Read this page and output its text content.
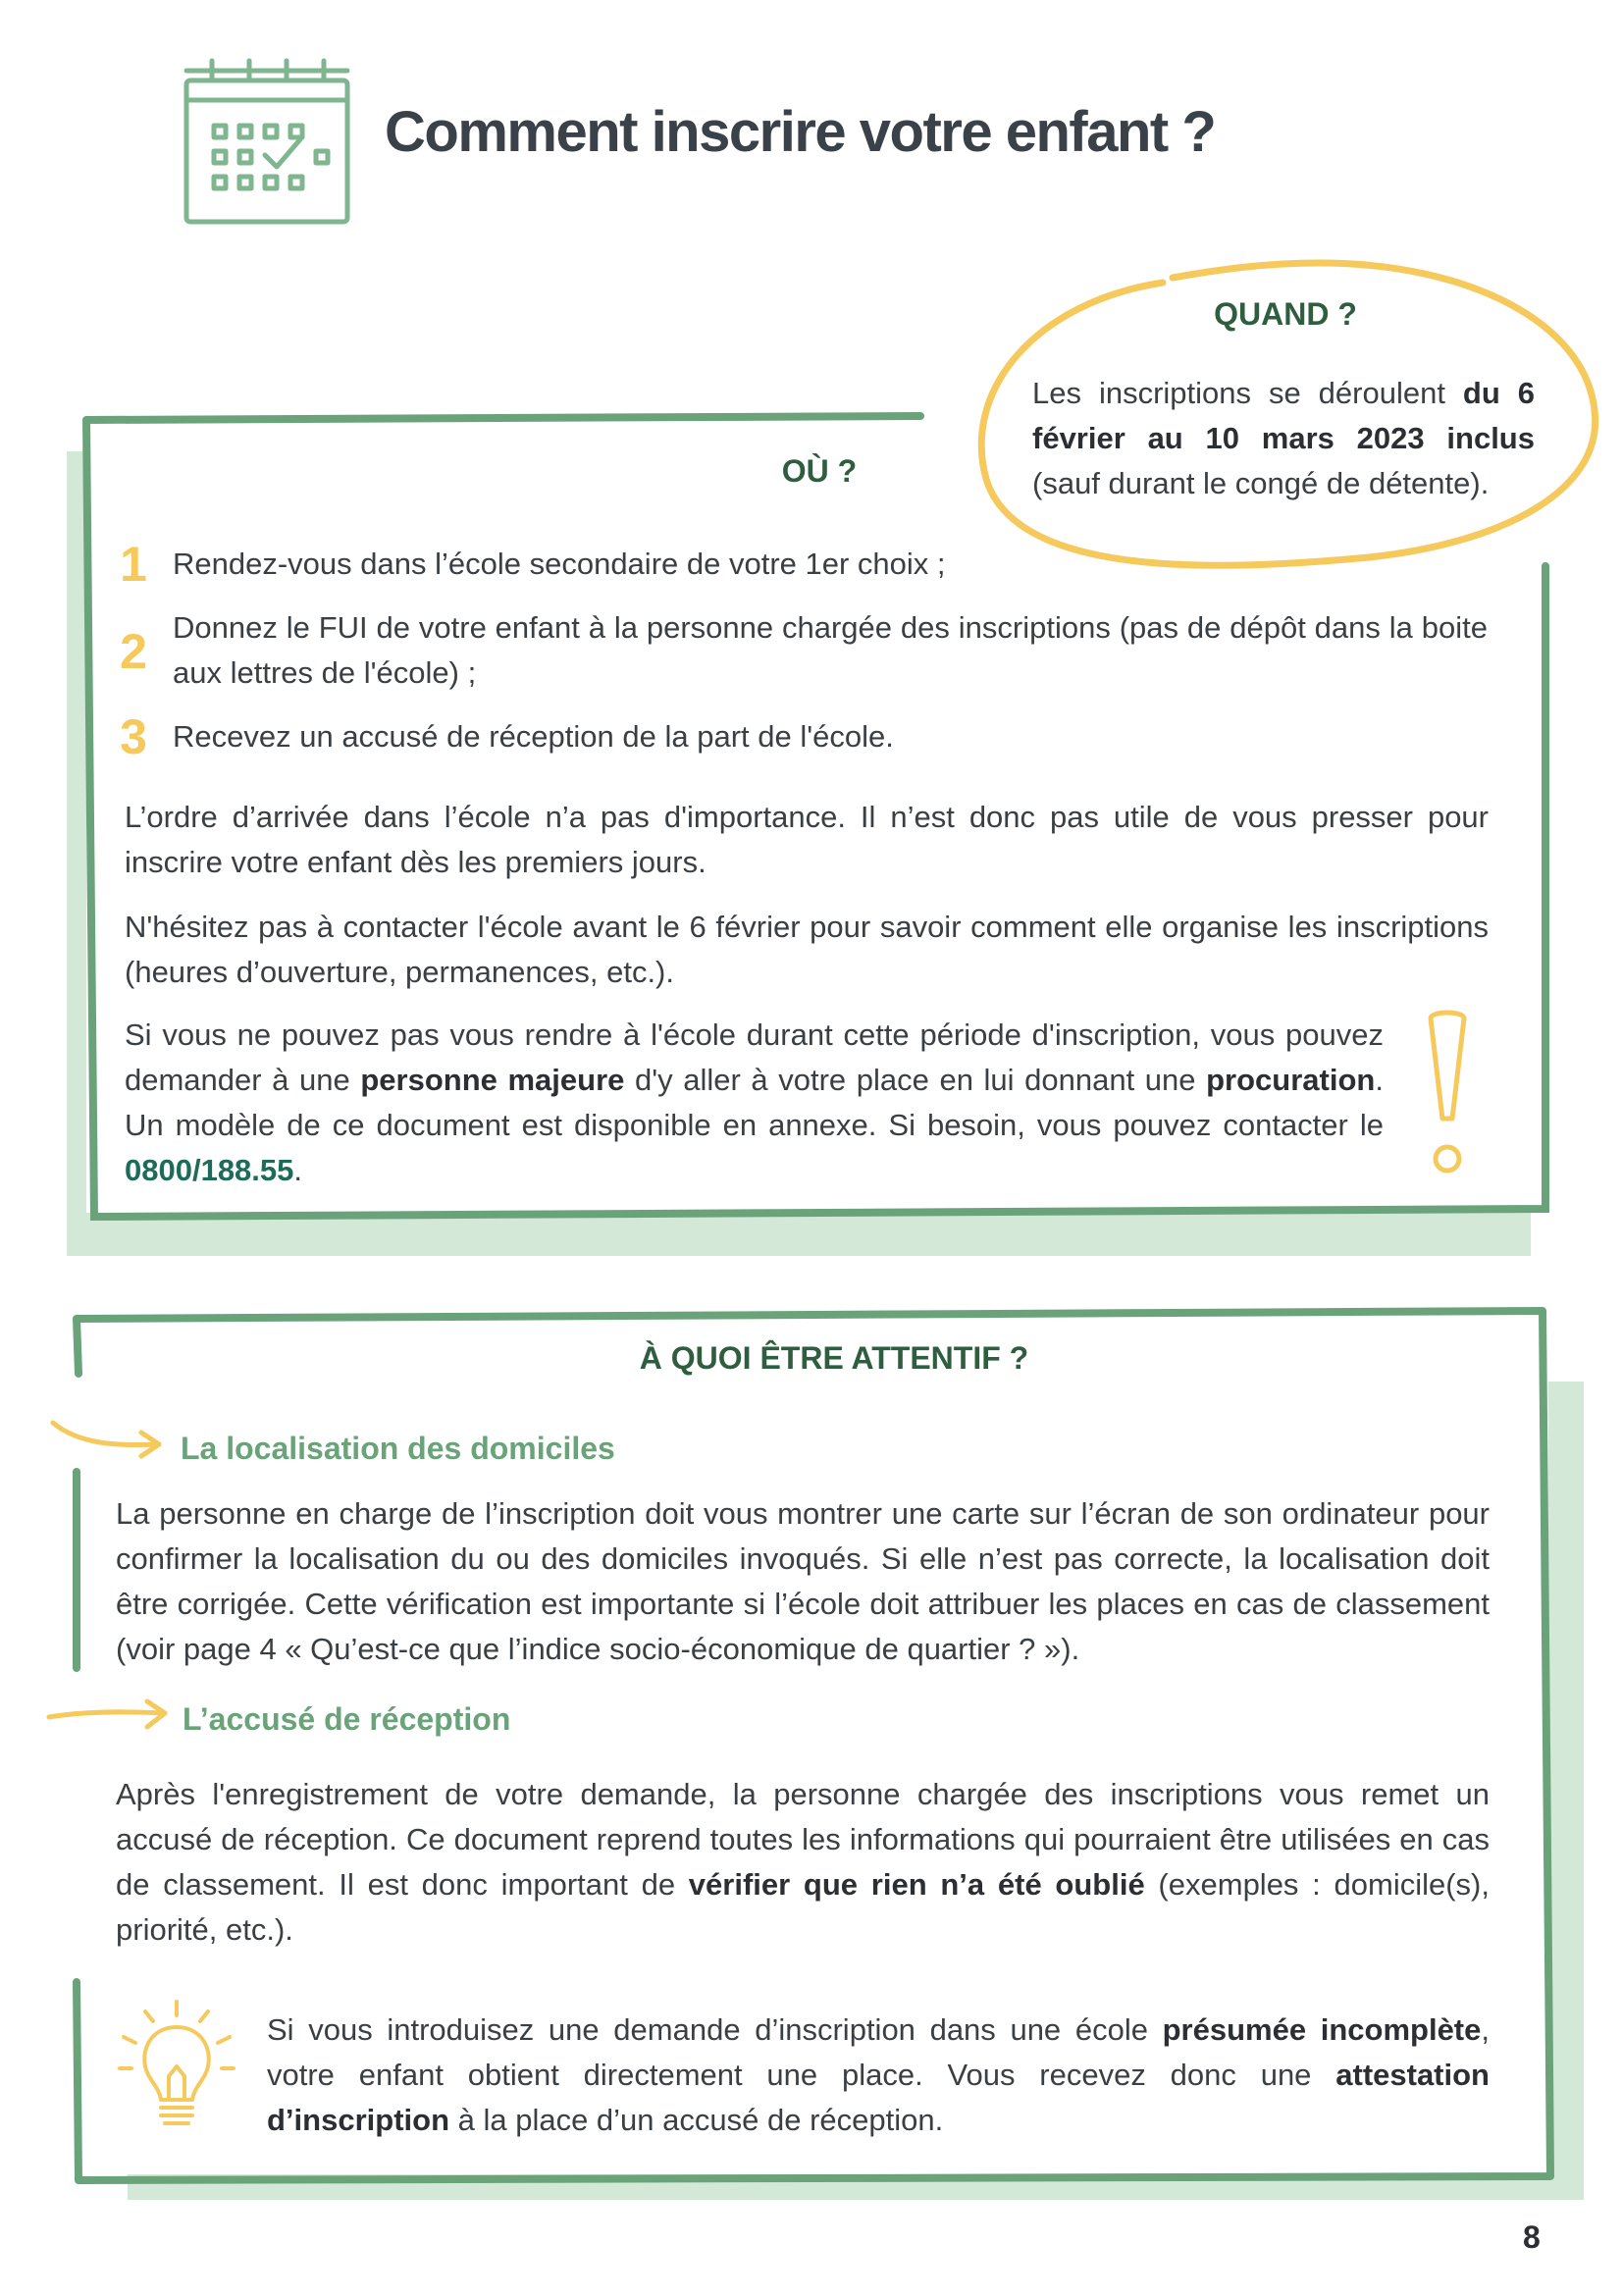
Comment inscrire votre enfant ?
QUAND ?

Les inscriptions se déroulent du 6 février au 10 mars 2023 inclus (sauf durant le congé de détente).

OÙ ?
1 Rendez-vous dans l’école secondaire de votre 1er choix ;

2 Donnez le FUI de votre enfant à la personne chargée des inscriptions (pas de dépôt dans la boite aux lettres de l'école) ;

3 Recevez un accusé de réception de la part de l'école.

L’ordre d’arrivée dans l’école n’a pas d'importance. Il n’est donc pas utile de vous presser pour inscrire votre enfant dès les premiers jours.

N'hésitez pas à contacter l'école avant le 6 février pour savoir comment elle organise les inscriptions (heures d’ouverture, permanences, etc.).

Si vous ne pouvez pas vous rendre à l'école durant cette période d'inscription, vous pouvez demander à une personne majeure d'y aller à votre place en lui donnant une procuration. Un modèle de ce document est disponible en annexe. Si besoin, vous pouvez contacter le 0800/188.55.

À QUOI ÊTRE ATTENTIF ?
La localisation des domiciles

La personne en charge de l’inscription doit vous montrer une carte sur l’écran de son ordinateur pour confirmer la localisation du ou des domiciles invoqués. Si elle n’est pas correcte, la localisation doit être corrigée. Cette vérification est importante si l’école doit attribuer les places en cas de classement (voir page 4 « Qu’est-ce que l’indice socio-économique de quartier ? »).

L’accusé de réception

Après l'enregistrement de votre demande, la personne chargée des inscriptions vous remet un accusé de réception. Ce document reprend toutes les informations qui pourraient être utilisées en cas de classement. Il est donc important de vérifier que rien n’a été oublié (exemples : domicile(s), priorité, etc.).

Si vous introduisez une demande d’inscription dans une école présumée incomplète, votre enfant obtient directement une place. Vous recevez donc une attestation d’inscription à la place d’un accusé de réception.

8
